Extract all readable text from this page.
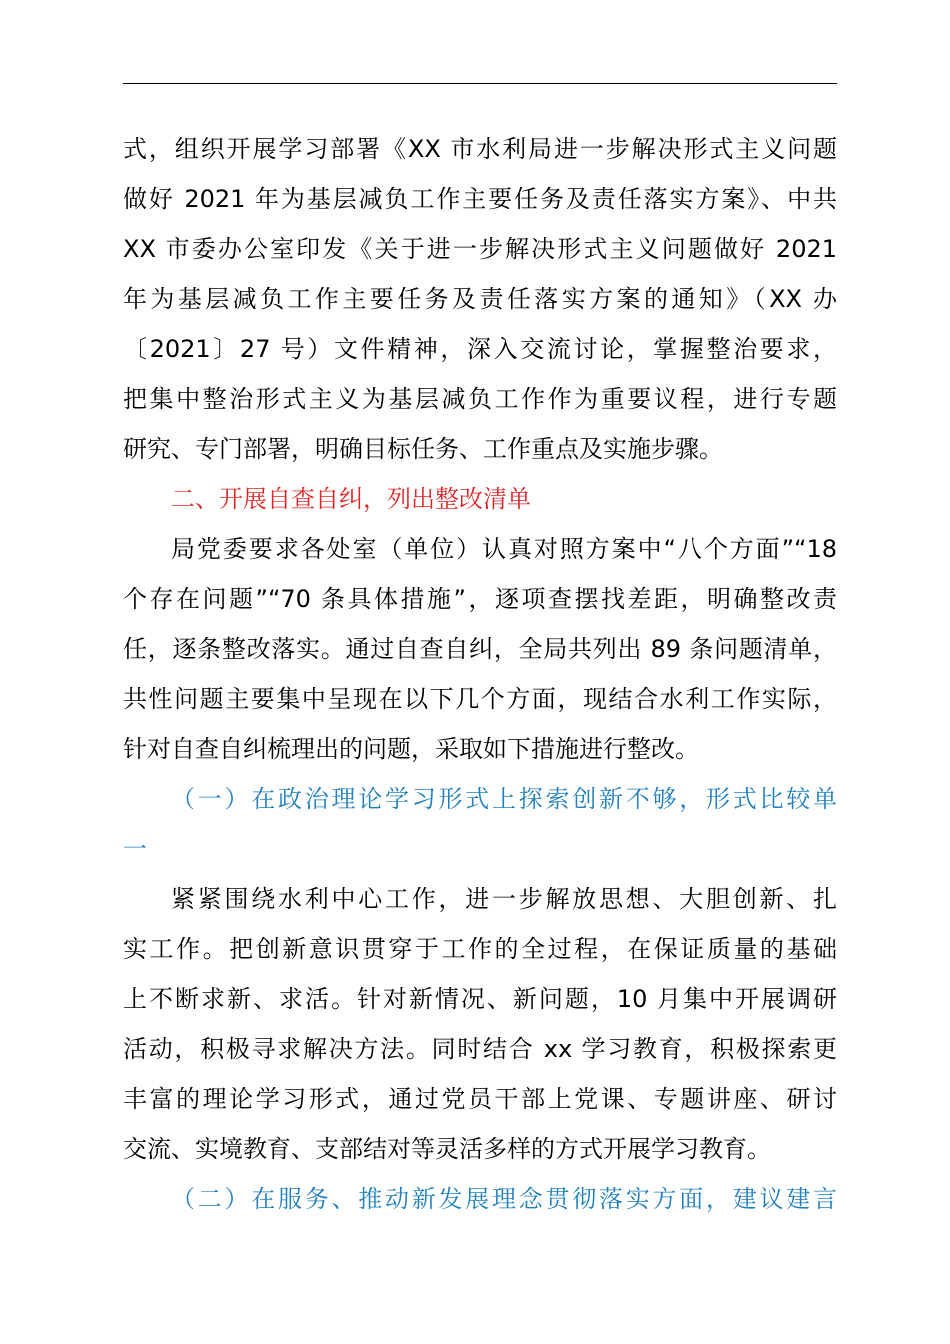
式，组织开展学习部署《XX 市水利局进一步解决形式主义问题
做好 2021 年为基层减负工作主要任务及责任落实方案》、中共
XX 市委办公室印发《关于进一步解决形式主义问题做好 2021
年为基层减负工作主要任务及责任落实方案的通知》（XX 办
〔2021〕27 号）文件精神，深入交流讨论，掌握整治要求，
把集中整治形式主义为基层减负工作作为重要议程，进行专题
研究、专门部署，明确目标任务、工作重点及实施步骤。
二、开展自查自纠，列出整改清单
局党委要求各处室（单位）认真对照方案中“八个方面”“18
个存在问题”“70 条具体措施”，逐项查摆找差距，明确整改责
任，逐条整改落实。通过自查自纠，全局共列出 89 条问题清单，
共性问题主要集中呈现在以下几个方面，现结合水利工作实际，
针对自查自纠梳理出的问题，采取如下措施进行整改。
（一）在政治理论学习形式上探索创新不够，形式比较单
一
紧紧围绕水利中心工作，进一步解放思想、大胆创新、扎
实工作。把创新意识贯穿于工作的全过程，在保证质量的基础
上不断求新、求活。针对新情况、新问题，10 月集中开展调研
活动，积极寻求解决方法。同时结合 xx 学习教育，积极探索更
丰富的理论学习形式，通过党员干部上党课、专题讲座、研讨
交流、实境教育、支部结对等灵活多样的方式开展学习教育。
（二）在服务、推动新发展理念贯彻落实方面，建议建言
